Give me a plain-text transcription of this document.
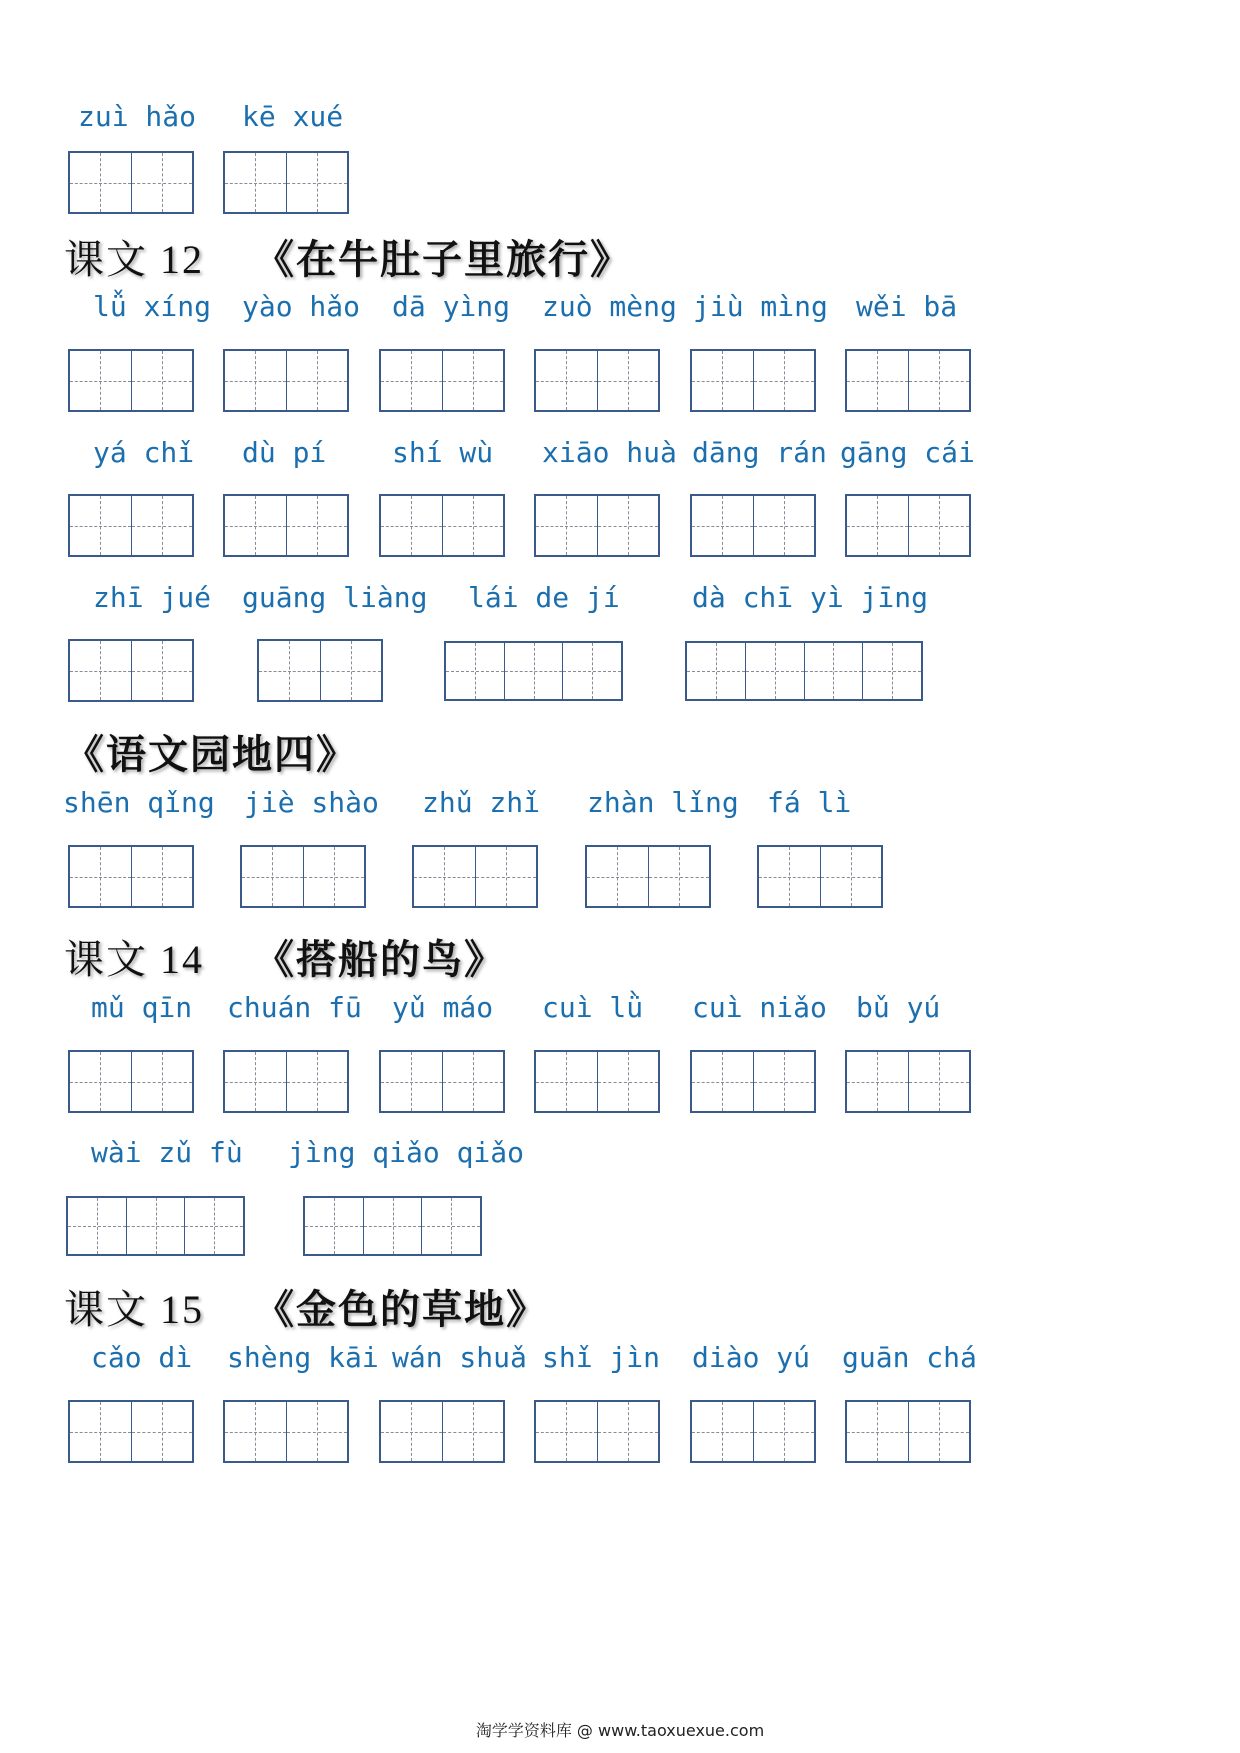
zuì hǎo kē xué
课文 12 《在牛肚子里旅行》
lǚ xíng yào hǎo dā yìng zuò mèng jiù mìng wěi bā
yá chǐ dù pí shí wù xiāo huà dāng rán gāng cái
zhī jué guāng liàng lái de jí	dà chī yì jīng
《语文园地四》
shēn qǐng jiè shào zhǔ zhǐ zhàn lǐng fá lì
课文 14 《搭船的鸟》
mǔ qīn chuán fū yǔ máo cuì lǜ cuì niǎo bǔ yú
wài zǔ fù jìng qiǎo qiǎo
课文 15 《金色的草地》
cǎo dì shèng kāi wán shuǎ shǐ jìn diào yú guān chá
淘学学资料库 @ www.taoxuexue.com
